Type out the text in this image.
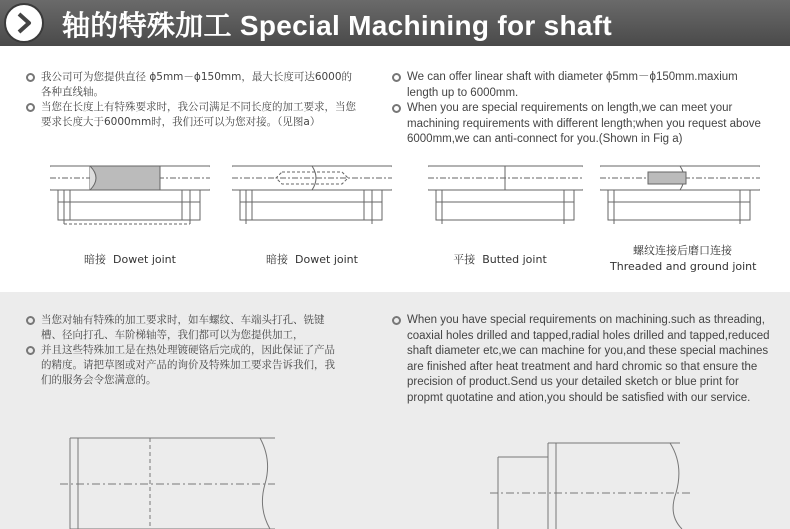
轴的特殊加工 Special Machining for shaft
我公司可为您提供直径 ϕ5mm－ϕ150mm，最大长度可达6000的各种直线轴。
当您在长度上有特殊要求时，我公司满足不同长度的加工要求，当您要求长度大于6000mm时，我们还可以为您对接。（见图a）
We can offer linear shaft with diameter ϕ5mm－ϕ150mm.maxium length up to 6000mm.
When you are special requirements on length,we can meet your machining requirements with different length;when you request above 6000mm,we can anti-connect for you.(Shown in Fig a)
暗接 Dowet joint	暗接 Dowet joint	平接 Butted joint
螺纹连接后磨口连接
Threaded and ground joint
当您对轴有特殊的加工要求时，如车螺纹、车端头打孔、铣键槽、径向打孔、车阶梯轴等，我们都可以为您提供加工，
并且这些特殊加工是在热处理镀硬铬后完成的，因此保证了产品的精度。请把草图或对产品的询价及特殊加工要求告诉我们，我们的服务会令您满意的。
When you have special requirements on machining.such as threading, coaxial holes drilled and tapped,radial holes drilled and tapped,reduced shaft diameter etc,we can machine for you,and these special machines are finished after heat treatment and hard chromic so that ensure the precision of product.Send us your detailed sketch or blue print for propmt quotatine and ation,you should be satisfied with our service.
